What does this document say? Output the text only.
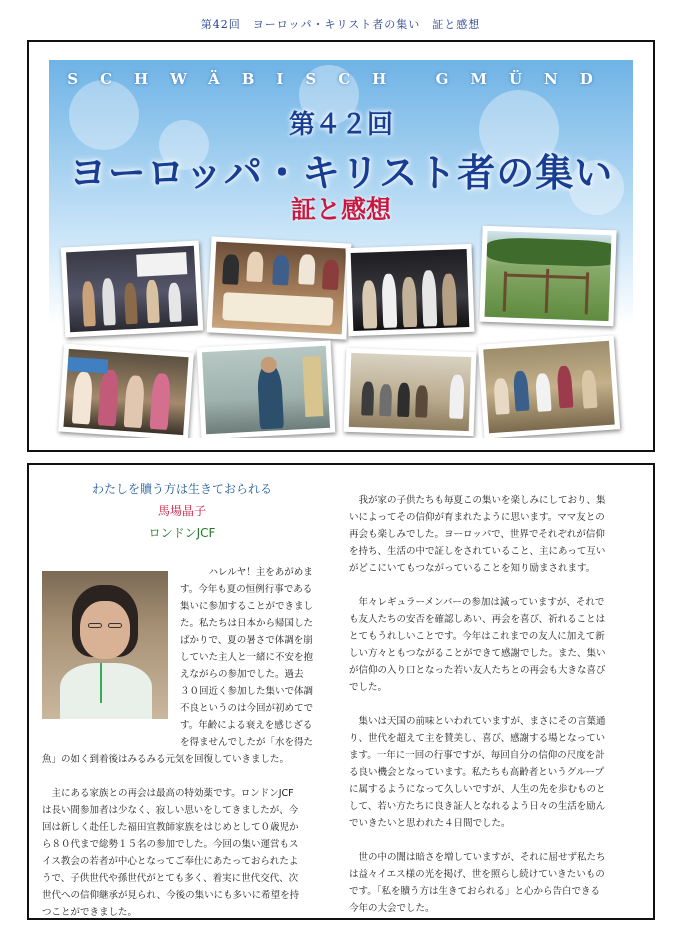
第42回　ヨーロッパ・キリスト者の集い　証と感想
SCHWÄBISCH GMÜND
第４２回
ヨーロッパ・キリスト者の集い
証と感想
わたしを贖う方は生きておられる
馬場晶子
ロンドンJCF
ハレルヤ！主をあがめま
す。今年も夏の恒例行事である
集いに参加することができまし
た。私たちは日本から帰国した
ばかりで、夏の暑さで体調を崩
していた主人と一緒に不安を抱
えながらの参加でした。過去
３０回近く参加した集いで体調
不良というのは今回が初めてで
す。年齢による衰えを感じざる
を得ませんでしたが「水を得た
魚」の如く到着後はみるみる元気を回復していきました。

　主にある家族との再会は最高の特効薬です。ロンドンJCF
は長い間参加者は少なく、寂しい思いをしてきましたが、今
回は新しく赴任した福田宣教師家族をはじめとして０歳児か
ら８０代まで総勢１５名の参加でした。今回の集い運営もス
イス教会の若者が中心となってご奉仕にあたっておられたよ
うで、子供世代や孫世代がとても多く、着実に世代交代、次
世代への信仰継承が見られ、今後の集いにも多いに希望を持
つことができました。
　我が家の子供たちも毎夏この集いを楽しみにしており、集
いによってその信仰が育まれたように思います。ママ友との
再会も楽しみでした。ヨーロッパで、世界でそれぞれが信仰
を持ち、生活の中で証しをされていること、主にあって互い
がどこにいてもつながっていることを知り励まされます。

　年々レギュラーメンバーの参加は減っていますが、それで
も友人たちの安否を確認しあい、再会を喜び、祈れることは
とてもうれしいことです。今年はこれまでの友人に加えて新
しい方々ともつながることができて感謝でした。また、集い
が信仰の入り口となった若い友人たちとの再会も大きな喜び
でした。

　集いは天国の前味といわれていますが、まさにその言葉通
り、世代を超えて主を賛美し、喜び、感謝する場となってい
ます。一年に一回の行事ですが、毎回自分の信仰の尺度を計
る良い機会となっています。私たちも高齢者というグループ
に属するようになって久しいですが、人生の先を歩むものと
して、若い方たちに良き証人となれるよう日々の生活を励ん
でいきたいと思われた４日間でした。

　世の中の闇は暗さを増していますが、それに屈せず私たち
は益々イエス様の光を掲げ、世を照らし続けていきたいもの
です。「私を贖う方は生きておられる」と心から告白できる
今年の大会でした。
